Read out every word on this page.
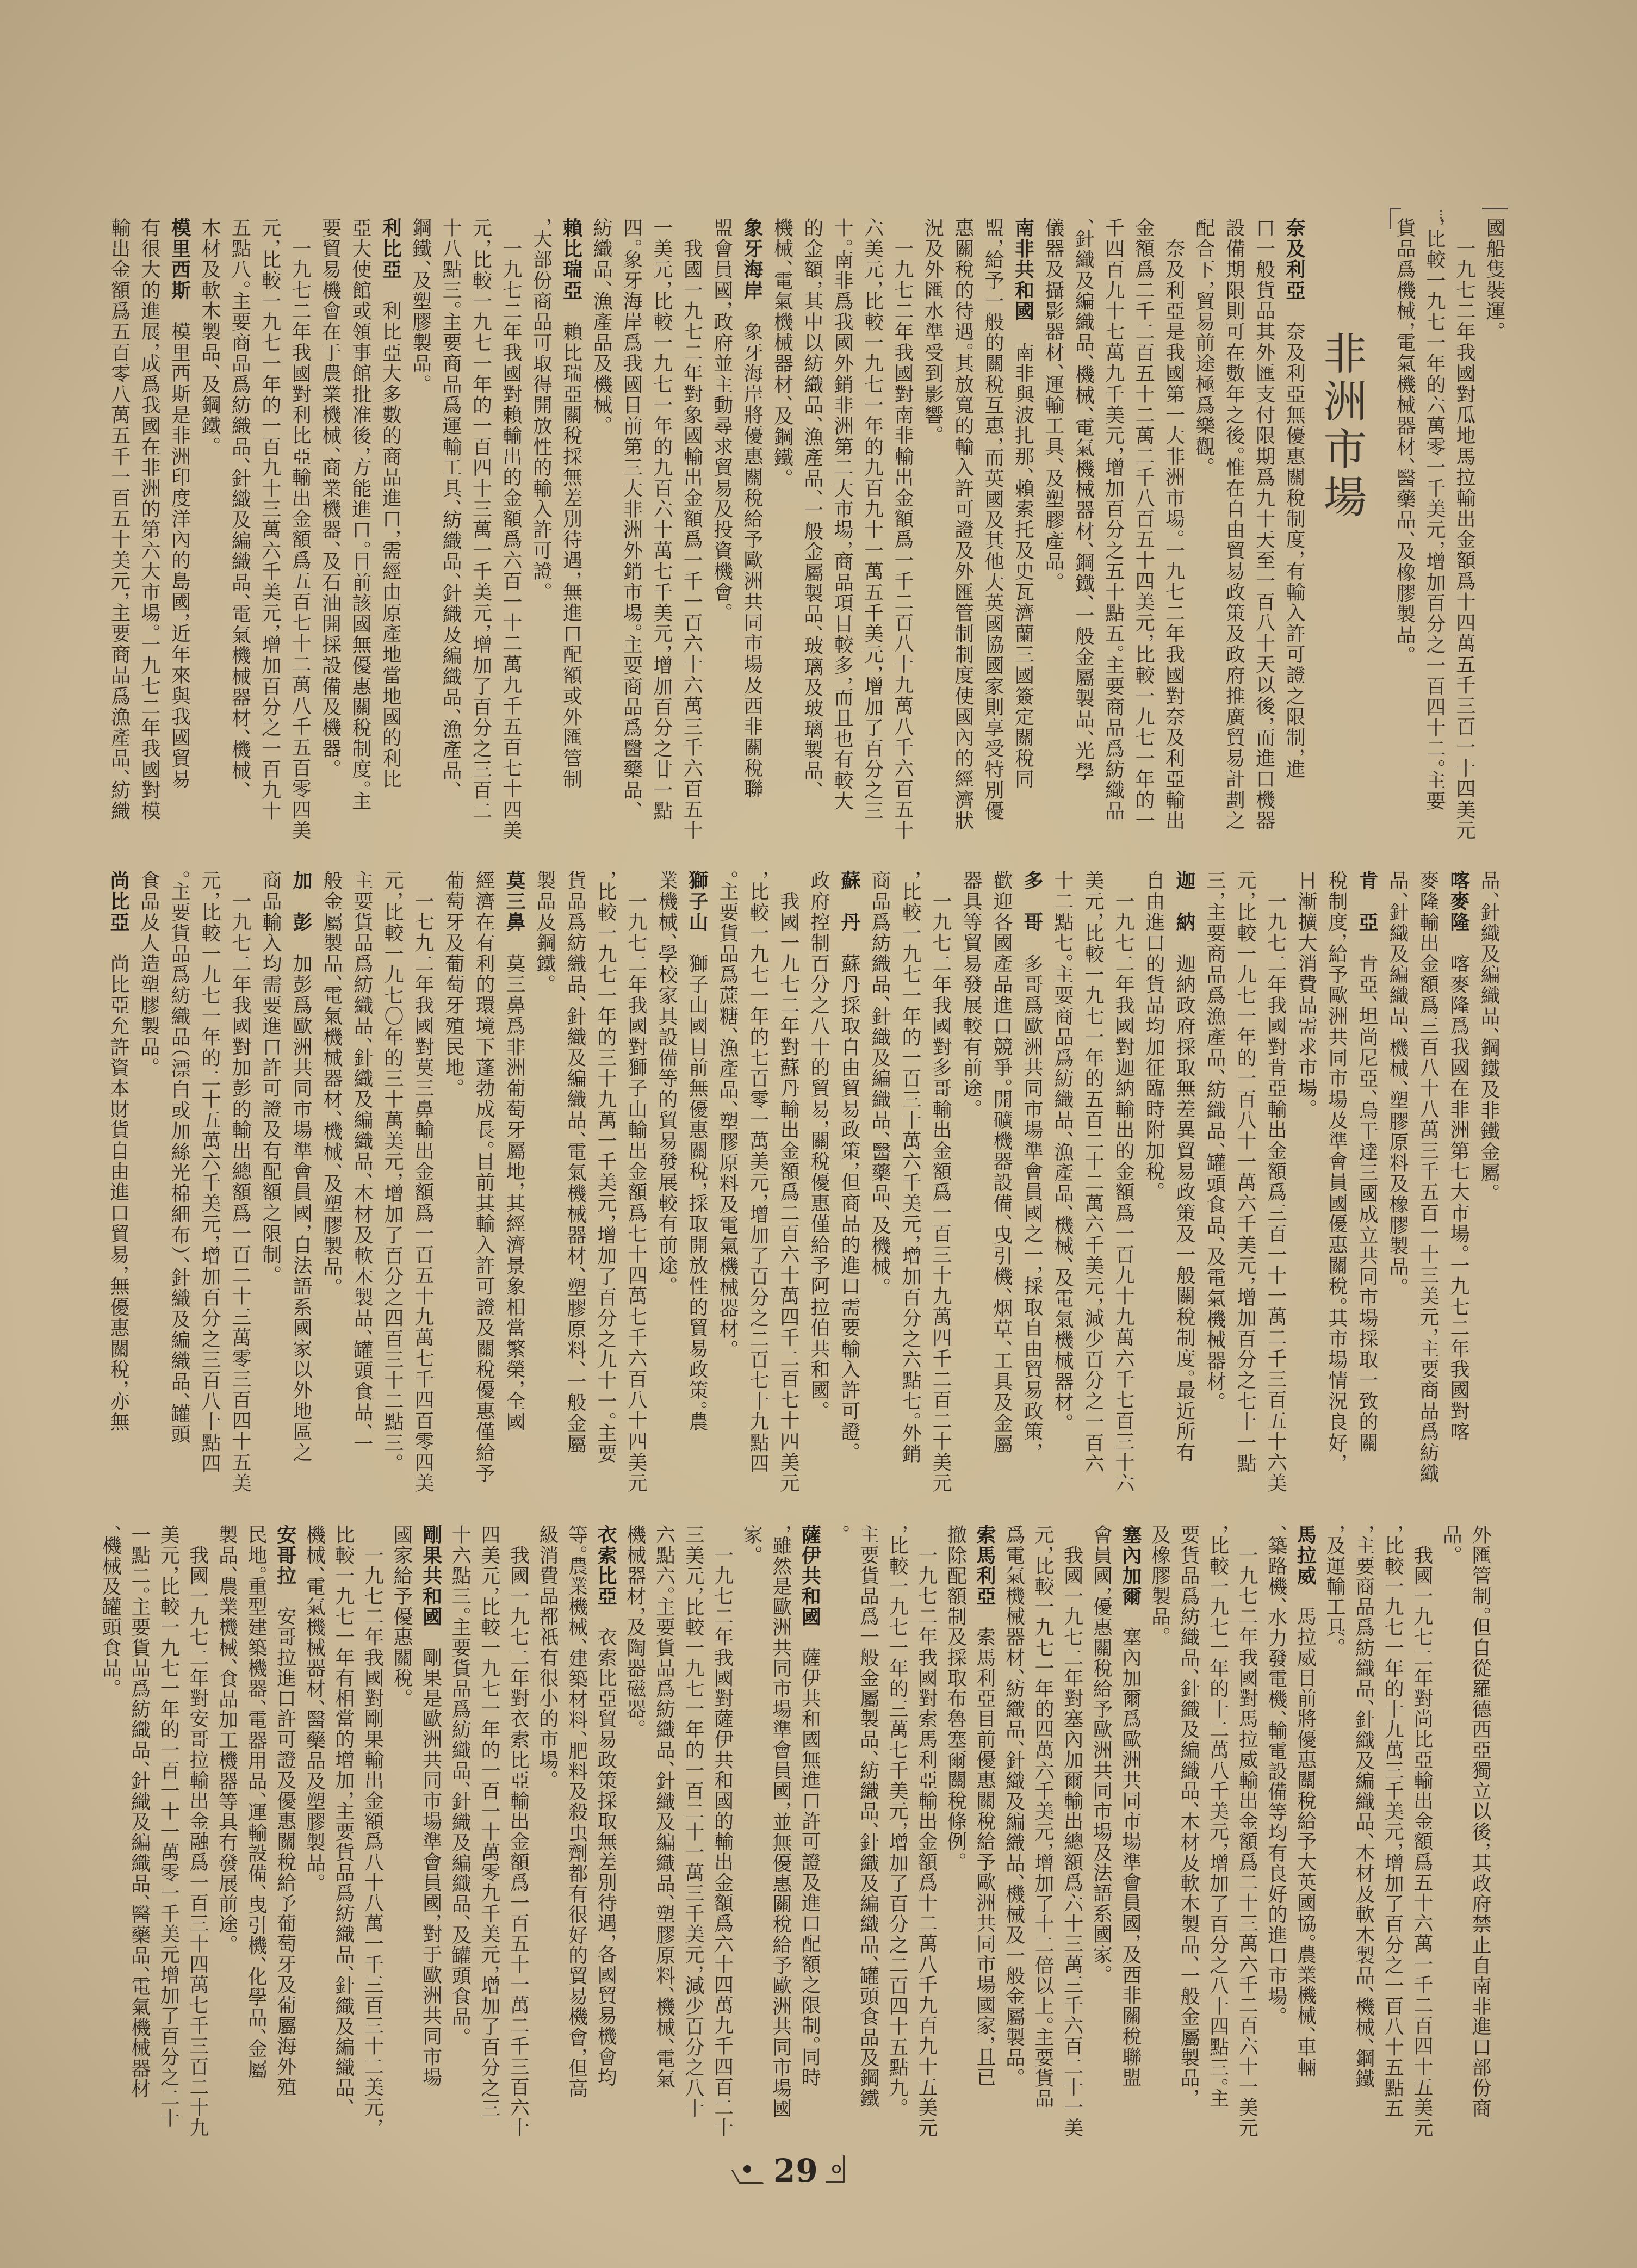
國船隻裝運。
　一九七二年我國對瓜地馬拉輸出金額爲十四萬五千三百一十四美元
，比較一九七一年的六萬零一千美元，增加百分之一百四十二。主要
貨品爲機械，電氣機械器材、醫藥品、及橡膠製品。
非洲市場
奈及利亞　奈及利亞無優惠關稅制度，有輸入許可證之限制，進
口一般貨品其外匯支付限期爲九十天至一百八十天以後，而進口機器
設備期限則可在數年之後。惟在自由貿易政策及政府推廣貿易計劃之
配合下，貿易前途極爲樂觀。
　奈及利亞是我國第一大非洲市場。一九七二年我國對奈及利亞輸出
金額爲二千二百五十二萬二千八百五十四美元，比較一九七一年的一
千四百九十七萬九千美元，增加百分之五十點五。主要商品爲紡織品
、針織及編織品、機械、電氣機械器材、鋼鐵、一般金屬製品、光學
儀器及攝影器材、運輸工具、及塑膠產品。
南非共和國　南非與波扎那、賴索托及史瓦濟蘭三國簽定關稅同
盟，給予一般的關稅互惠，而英國及其他大英國協國家則享受特別優
惠關稅的待遇。其放寬的輸入許可證及外匯管制制度使國內的經濟狀
況及外匯水準受到影響。
　一九七二年我國對南非輸出金額爲一千二百八十九萬八千六百五十
六美元，比較一九七一年的九百九十一萬五千美元，增加了百分之三
十。南非爲我國外銷非洲第二大市場，商品項目較多，而且也有較大
的金額，其中以紡織品、漁產品、一般金屬製品、玻璃及玻璃製品、
機械、電氣機械器材、及鋼鐵。
象牙海岸　象牙海岸將優惠關稅給予歐洲共同市場及西非關稅聯
盟會員國，政府並主動尋求貿易及投資機會。
　我國一九七二年對象國輸出金額爲一千一百六十六萬三千六百五十
一美元，比較一九七一年的九百六十萬七千美元，增加百分之廿一點
四。象牙海岸爲我國目前第三大非洲外銷市場。主要商品爲醫藥品、
紡織品、漁產品及機械。
賴比瑞亞　賴比瑞亞關稅採無差別待遇，無進口配額或外匯管制
，大部份商品可取得開放性的輸入許可證。
　一九七二年我國對賴輸出的金額爲六百一十二萬九千五百七十四美
元，比較一九七一年的一百四十三萬一千美元，增加了百分之三百二
十八點三。主要商品爲運輸工具、紡織品、針織及編織品、漁產品、
鋼鐵、及塑膠製品。
利比亞　利比亞大多數的商品進口，需經由原產地當地國的利比
亞大使館或領事館批准後，方能進口。目前該國無優惠關稅制度。主
要貿易機會在于農業機械、商業機器、及石油開採設備及機器。
　一九七二年我國對利比亞輸出金額爲五百七十二萬八千五百零四美
元，比較一九七一年的一百九十三萬六千美元，增加百分之一百九十
五點八。主要商品爲紡織品、針織及編織品、電氣機械器材、機械、
木材及軟木製品、及鋼鐵。
模里西斯　模里西斯是非洲印度洋內的島國，近年來與我國貿易
有很大的進展，成爲我國在非洲的第六大市場。一九七二年我國對模
輸出金額爲五百零八萬五千一百五十美元，主要商品爲漁產品、紡織
品、針織及編織品、鋼鐵及非鐵金屬。
喀麥隆　喀麥隆爲我國在非洲第七大市場。一九七二年我國對喀
麥隆輸出金額爲三百八十八萬三千五百一十三美元，主要商品爲紡織
品、針織及編織品、機械、塑膠原料及橡膠製品。
肯　亞　肯亞、坦尚尼亞、烏干達三國成立共同市場採取一致的關
稅制度，給予歐洲共同市場及準會員國優惠關稅。其市場情況良好，
日漸擴大消費品需求市場。
　一九七二年我國對肯亞輸出金額爲三百一十一萬二千三百五十六美
元，比較一九七一年的一百八十一萬六千美元，增加百分之七十一點
三，主要商品爲漁產品、紡織品、罐頭食品、及電氣機械器材。
迦　納　迦納政府採取無差異貿易政策及一般關稅制度。最近所有
自由進口的貨品均加征臨時附加稅。
　一九七二年我國對迦納輸出的金額爲一百九十九萬六千七百三十六
美元，比較一九七一年的五百二十二萬六千美元，減少百分之一百六
十二點七。主要商品爲紡織品、漁產品、機械、及電氣機械器材。
多　哥　多哥爲歐洲共同市場準會員國之一，採取自由貿易政策，
歡迎各國產品進口競爭。開礦機器設備、曳引機、烟草、工具及金屬
器具等貿易發展較有前途。
　一九七二年我國對多哥輸出金額爲一百三十九萬四千二百二十美元
，比較一九七一年的一百三十萬六千美元，增加百分之六點七。外銷
商品爲紡織品、針織及編織品、醫藥品、及機械。
蘇　丹　蘇丹採取自由貿易政策，但商品的進口需要輸入許可證。
政府控制百分之八十的貿易，關稅優惠僅給予阿拉伯共和國。
　我國一九七二年對蘇丹輸出金額爲二百六十萬四千二百七十四美元
，比較一九七一年的七百零一萬美元，增加了百分之二百七十九點四
。主要貨品爲蔗糖、漁產品、塑膠原料及電氣機械器材。
獅子山　獅子山國目前無優惠關稅，採取開放性的貿易政策。農
業機械、學校家具設備等的貿易發展較有前途。
　一九七二年我國對獅子山輸出金額爲七十四萬七千六百八十四美元
，比較一九七一年的三十九萬一千美元，增加了百分之九十一。主要
貨品爲紡織品、針織及編織品、電氣機械器材、塑膠原料、一般金屬
製品及鋼鐵。
莫三鼻　莫三鼻爲非洲葡萄牙屬地，其經濟景象相當繁榮，全國
經濟在有利的環境下蓬勃成長。目前其輸入許可證及關稅優惠僅給予
葡萄牙及葡萄牙殖民地。
　一七九二年我國對莫三鼻輸出金額爲一百五十九萬七千四百零四美
元，比較一九七〇年的三十萬美元，增加了百分之四百三十二點三。
主要貨品爲紡織品、針織及編織品、木材及軟木製品、罐頭食品、一
般金屬製品、電氣機械器材、機械、及塑膠製品。
加　彭　加彭爲歐洲共同市場準會員國，自法語系國家以外地區之
商品輸入均需要進口許可證及有配額之限制。
　一九七二年我國對加彭的輸出總額爲一百二十三萬零三百四十五美
元，比較一九七一年的二十五萬六千美元，增加百分之三百八十點四
。主要貨品爲紡織品（漂白或加絲光棉細布）、針織及編織品、罐頭
食品及人造塑膠製品。
尚比亞　尚比亞允許資本財貨自由進口貿易，無優惠關稅，亦無
外匯管制。但自從羅德西亞獨立以後，其政府禁止自南非進口部份商
品。
　我國一九七二年對尚比亞輸出金額爲五十六萬一千二百四十五美元
，比較一九七一年的十九萬三千美元，增加了百分之一百八十五點五
，主要商品爲紡織品、針織及編織品、木材及軟木製品、機械、鋼鐵
，及運輸工具。
馬拉威　馬拉威目前將優惠關稅給予大英國協。農業機械、車輛
、築路機、水力發電機、輸電設備等均有良好的進口市場。
　一九七二年我國對馬拉威輸出金額爲二十三萬六千二百六十一美元
，比較一九七一年的十二萬八千美元，增加了百分之八十四點三。主
要貨品爲紡織品、針織及編織品、木材及軟木製品、一般金屬製品，
及橡膠製品。
塞內加爾　塞內加爾爲歐洲共同市場準會員國，及西非關稅聯盟
會員國，優惠關稅給予歐洲共同市場及法語系國家。
　我國一九七二年對塞內加爾輸出總額爲六十三萬三千六百二十一美
元，比較一九七一年的四萬六千美元，增加了十二倍以上。主要貨品
爲電氣機械器材、紡織品、針織及編織品、機械及一般金屬製品。
索馬利亞　索馬利亞目前優惠關稅給予歐洲共同市場國家，且已
撤除配額制及採取布魯塞爾關稅條例。
　一九七二年我國對索馬利亞輸出金額爲十二萬八千九百九十五美元
，比較一九七一年的三萬七千美元，增加了百分之二百四十五點九。
主要貨品爲一般金屬製品、紡織品、針織及編織品、罐頭食品及鋼鐵
。
薩伊共和國　薩伊共和國無進口許可證及進口配額之限制。同時
，雖然是歐洲共同市場準會員國，並無優惠關稅給予歐洲共同市場國
家。
　一九七二年我國對薩伊共和國的輸出金額爲六十四萬九千四百二十
三美元，比較一九七一年的一百二十一萬三千美元，減少百分之八十
六點六。主要貨品爲紡織品、針織及編織品、塑膠原料、機械、電氣
機械器材，及陶器磁器。
衣索比亞　衣索比亞貿易政策採取無差別待遇，各國貿易機會均
等。農業機械、建築材料、肥料及殺虫劑都有很好的貿易機會，但高
級消費品都祇有很小的市場。
　我國一九七二年對衣索比亞輸出金額爲一百五十一萬二千三百六十
四美元，比較一九七一年的一百一十萬零九千美元，增加了百分之三
十六點三。主要貨品爲紡織品、針織及編織品、及罐頭食品。
剛果共和國　剛果是歐洲共同市場準會員國，對于歐洲共同市場
國家給予優惠關稅。
　一九七二年我國對剛果輸出金額爲八十八萬一千三百三十二美元，
比較一九七一年有相當的增加，主要貨品爲紡織品、針織及編織品、
機械、電氣機械器材、醫藥品及塑膠製品。
安哥拉　安哥拉進口許可證及優惠關稅給予葡萄牙及葡屬海外殖
民地。重型建築機器、電器用品、運輸設備、曳引機、化學品、金屬
製品、農業機械、食品加工機器等具有發展前途。
　我國一九七二年對安哥拉輸出金融爲一百三十四萬七千三百二十九
美元，比較一九七一年的一百一十一萬零一千美元增加了百分之二十
一點二。主要貨品爲紡織品、針織及編織品、醫藥品、電氣機械器材
、機械及罐頭食品。
29
